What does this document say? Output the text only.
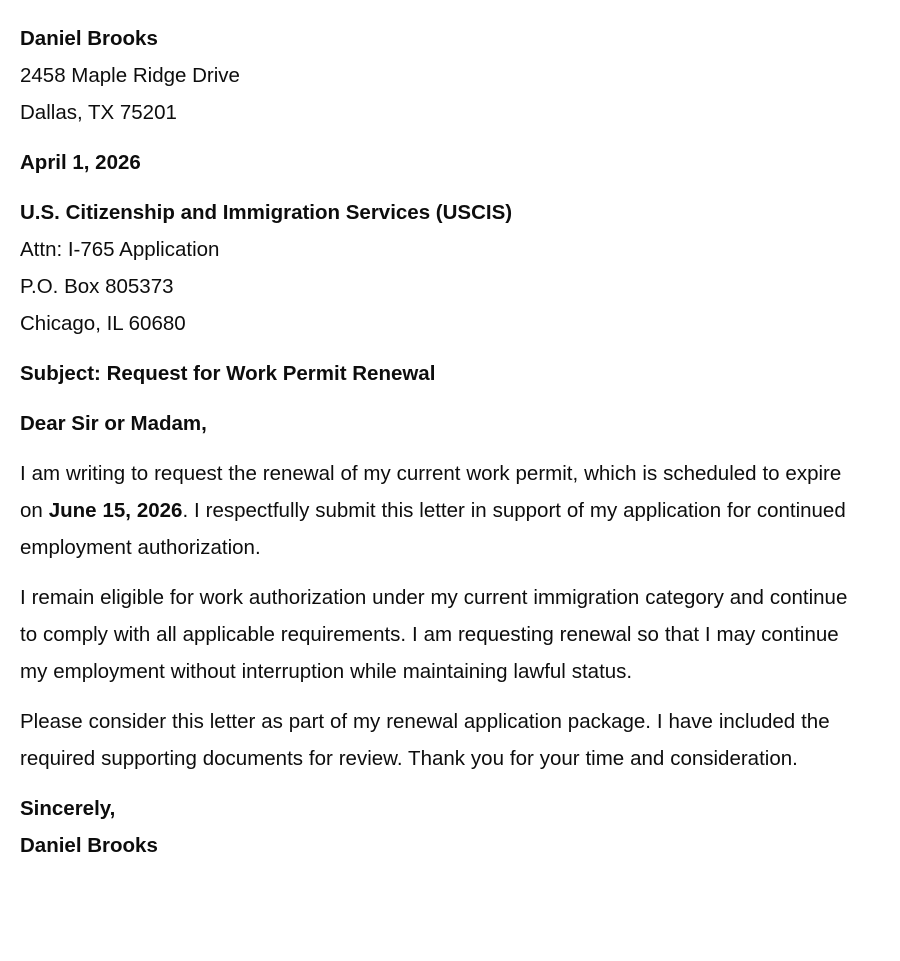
Daniel Brooks
2458 Maple Ridge Drive
Dallas, TX 75201
April 1, 2026
U.S. Citizenship and Immigration Services (USCIS)
Attn: I-765 Application
P.O. Box 805373
Chicago, IL 60680
Subject: Request for Work Permit Renewal
Dear Sir or Madam,

I am writing to request the renewal of my current work permit, which is scheduled to expire on June 15, 2026. I respectfully submit this letter in support of my application for continued employment authorization.

I remain eligible for work authorization under my current immigration category and continue to comply with all applicable requirements. I am requesting renewal so that I may continue my employment without interruption while maintaining lawful status.

Please consider this letter as part of my renewal application package. I have included the required supporting documents for review. Thank you for your time and consideration.

Sincerely,
Daniel Brooks
